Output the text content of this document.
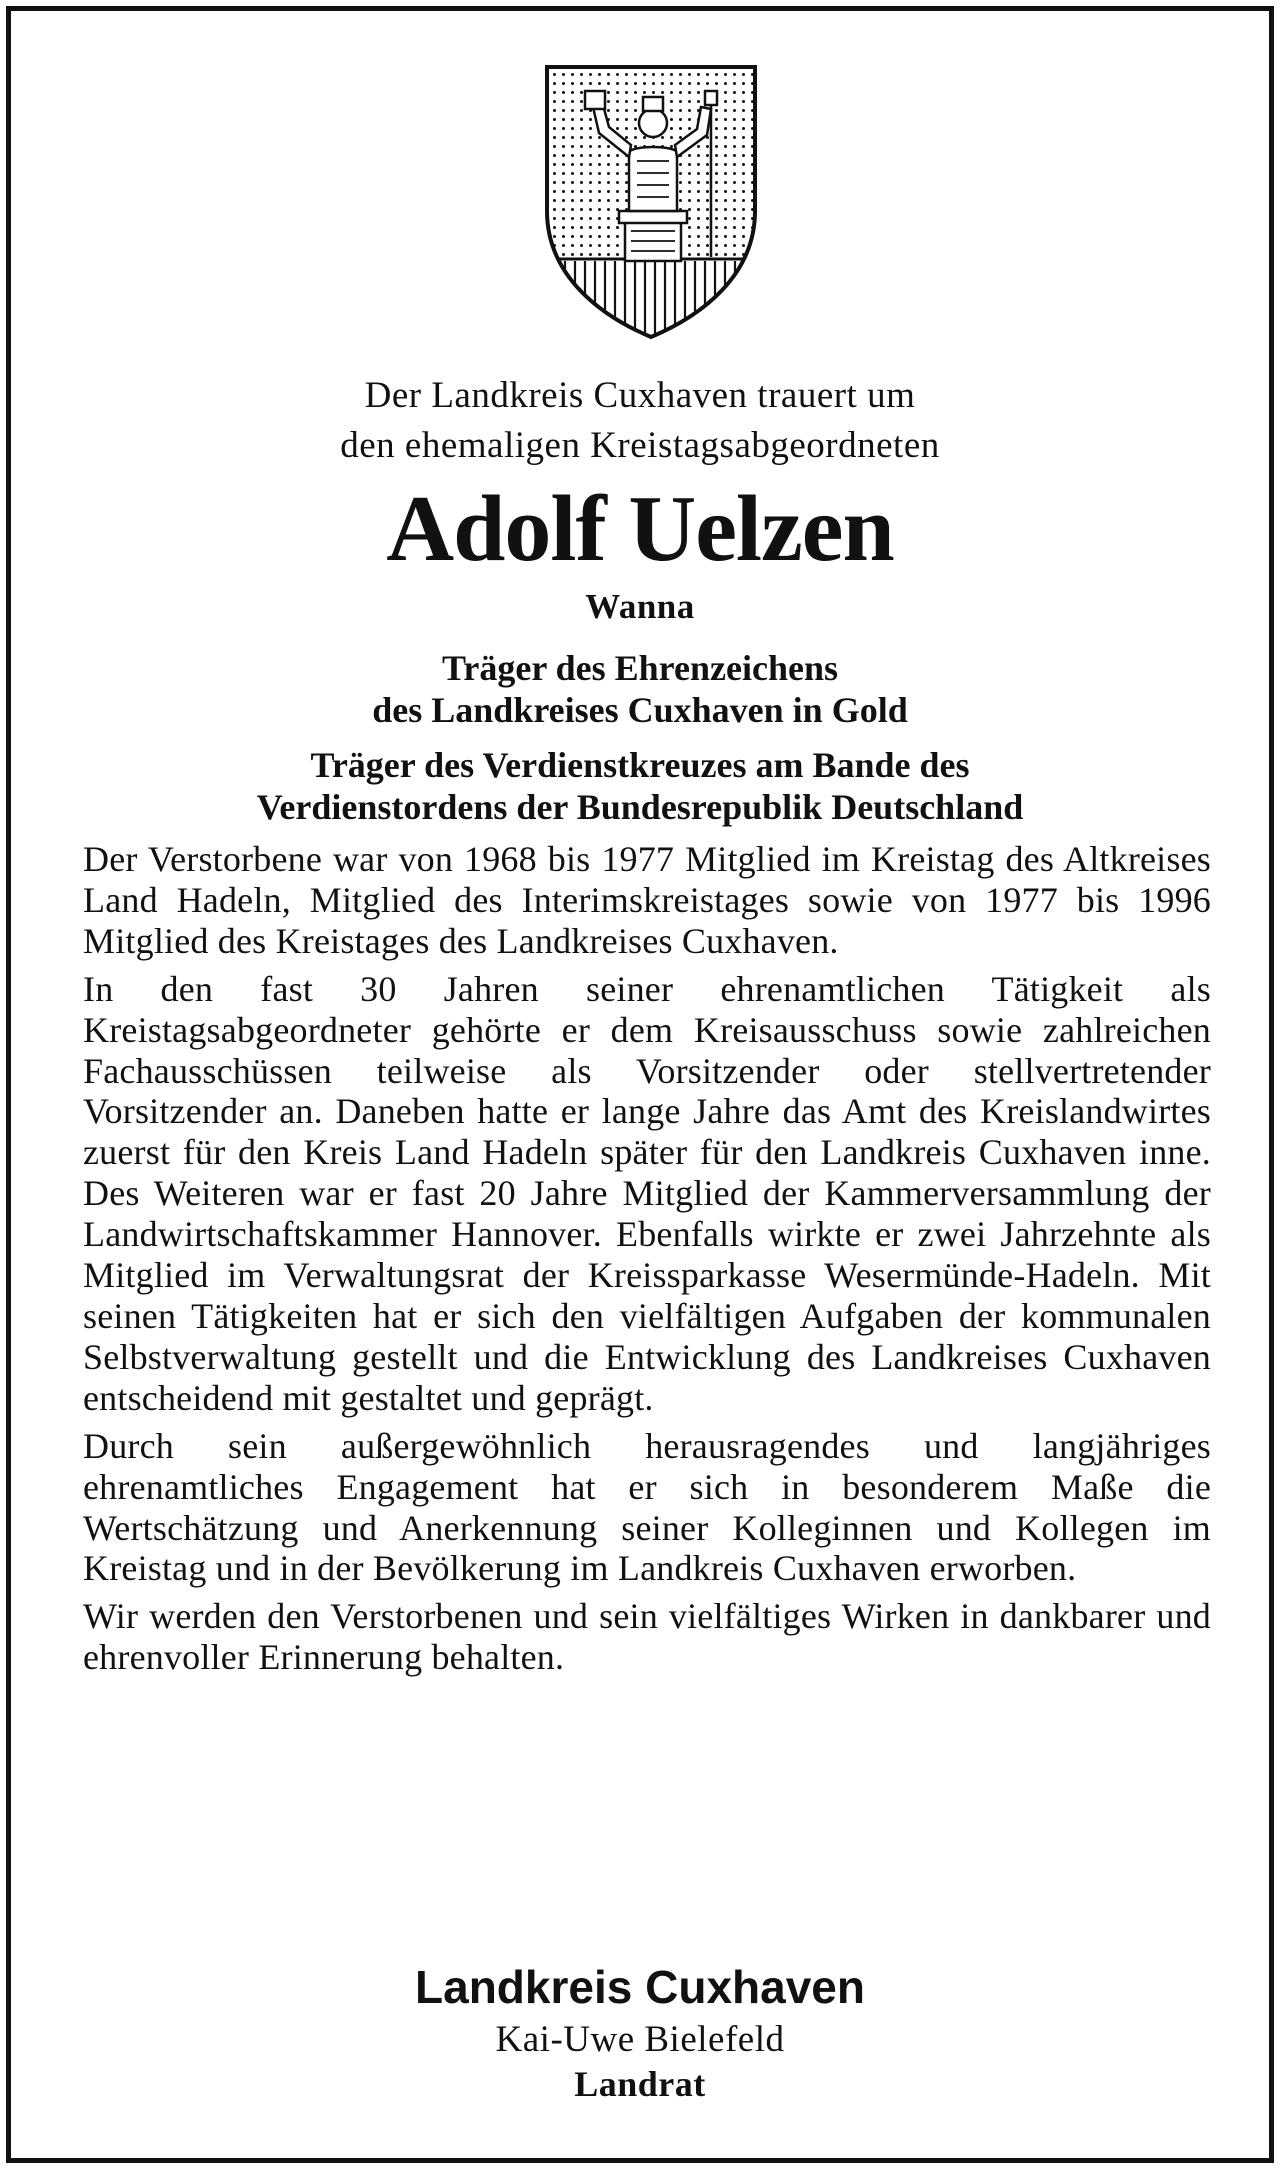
Der Landkreis Cuxhaven trauert um
den ehemaligen Kreistagsabgeordneten
Adolf Uelzen
Wanna
Träger des Ehrenzeichens
des Landkreises Cuxhaven in Gold
Träger des Verdienstkreuzes am Bande des
Verdienstordens der Bundesrepublik Deutschland

Der Verstorbene war von 1968 bis 1977 Mitglied im Kreistag des Altkreises Land Hadeln, Mitglied des Interimskreistages sowie von 1977 bis 1996 Mitglied des Kreistages des Landkreises Cuxhaven.

In den fast 30 Jahren seiner ehrenamtlichen Tätigkeit als Kreistagsabgeordneter gehörte er dem Kreisausschuss sowie zahlreichen Fachausschüssen teilweise als Vorsitzender oder stellvertretender Vorsitzender an. Daneben hatte er lange Jahre das Amt des Kreislandwirtes zuerst für den Kreis Land Hadeln später für den Landkreis Cuxhaven inne. Des Weiteren war er fast 20 Jahre Mitglied der Kammerversammlung der Landwirtschaftskammer Hannover. Ebenfalls wirkte er zwei Jahrzehnte als Mitglied im Verwaltungsrat der Kreissparkasse Wesermünde-Hadeln. Mit seinen Tätigkeiten hat er sich den vielfältigen Aufgaben der kommunalen Selbstverwaltung gestellt und die Entwicklung des Landkreises Cuxhaven entscheidend mit gestaltet und geprägt.

Durch sein außergewöhnlich herausragendes und langjähriges ehrenamtliches Engagement hat er sich in besonderem Maße die Wertschätzung und Anerkennung seiner Kolleginnen und Kollegen im Kreistag und in der Bevölkerung im Landkreis Cuxhaven erworben.

Wir werden den Verstorbenen und sein vielfältiges Wirken in dankbarer und ehrenvoller Erinnerung behalten.

Landkreis Cuxhaven
Kai-Uwe Bielefeld
Landrat
